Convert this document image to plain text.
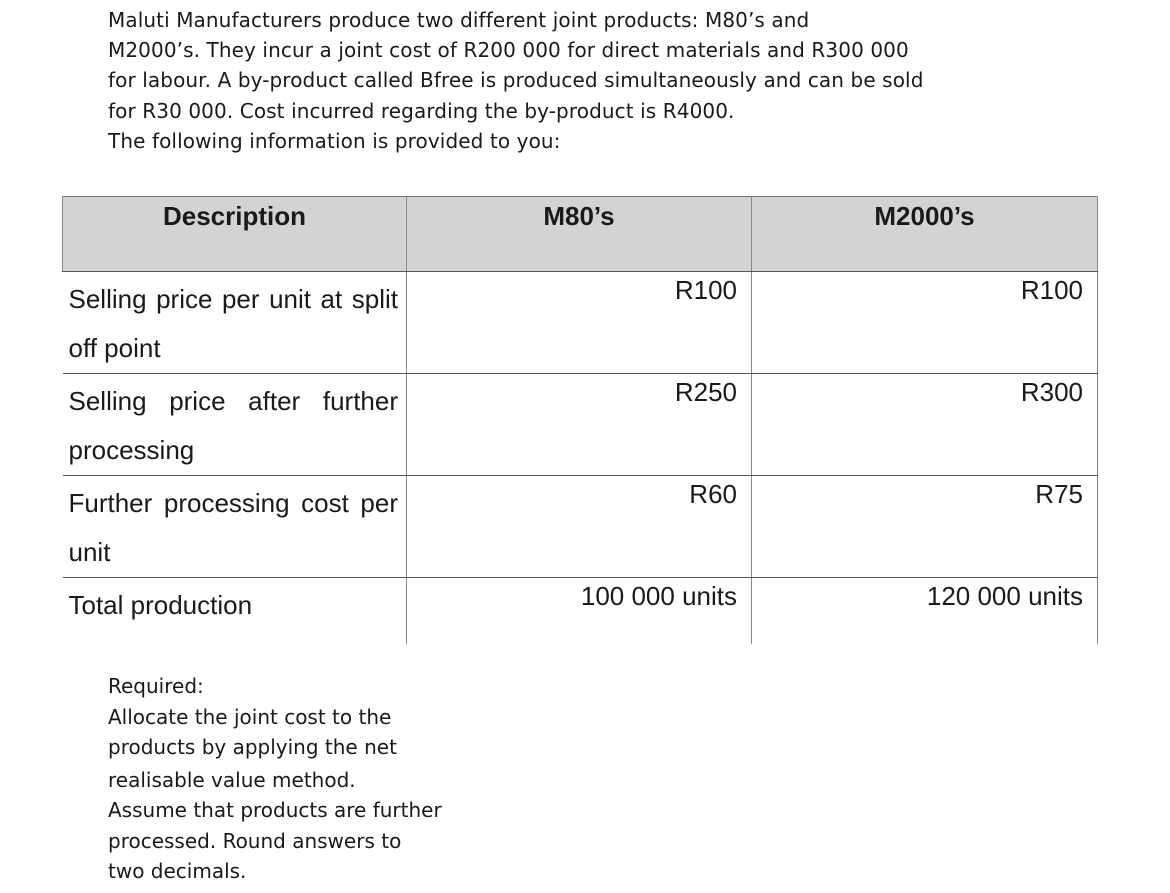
Maluti Manufacturers produce two different joint products: M80’s and
M2000’s. They incur a joint cost of R200 000 for direct materials and R300 000
for labour. A by-product called Bfree is produced simultaneously and can be sold
for R30 000. Cost incurred regarding the by-product is R4000.
The following information is provided to you:
Description	M80’s	M2000’s

Selling price per unit at split off point	R100	R100

Selling price after further processing	R250	R300

Further processing cost per unit	R60	R75

Total production	100 000 units	120 000 units
Required:
Allocate the joint cost to the
products by applying the net
realisable value method.
Assume that products are further
processed. Round answers to
two decimals.
